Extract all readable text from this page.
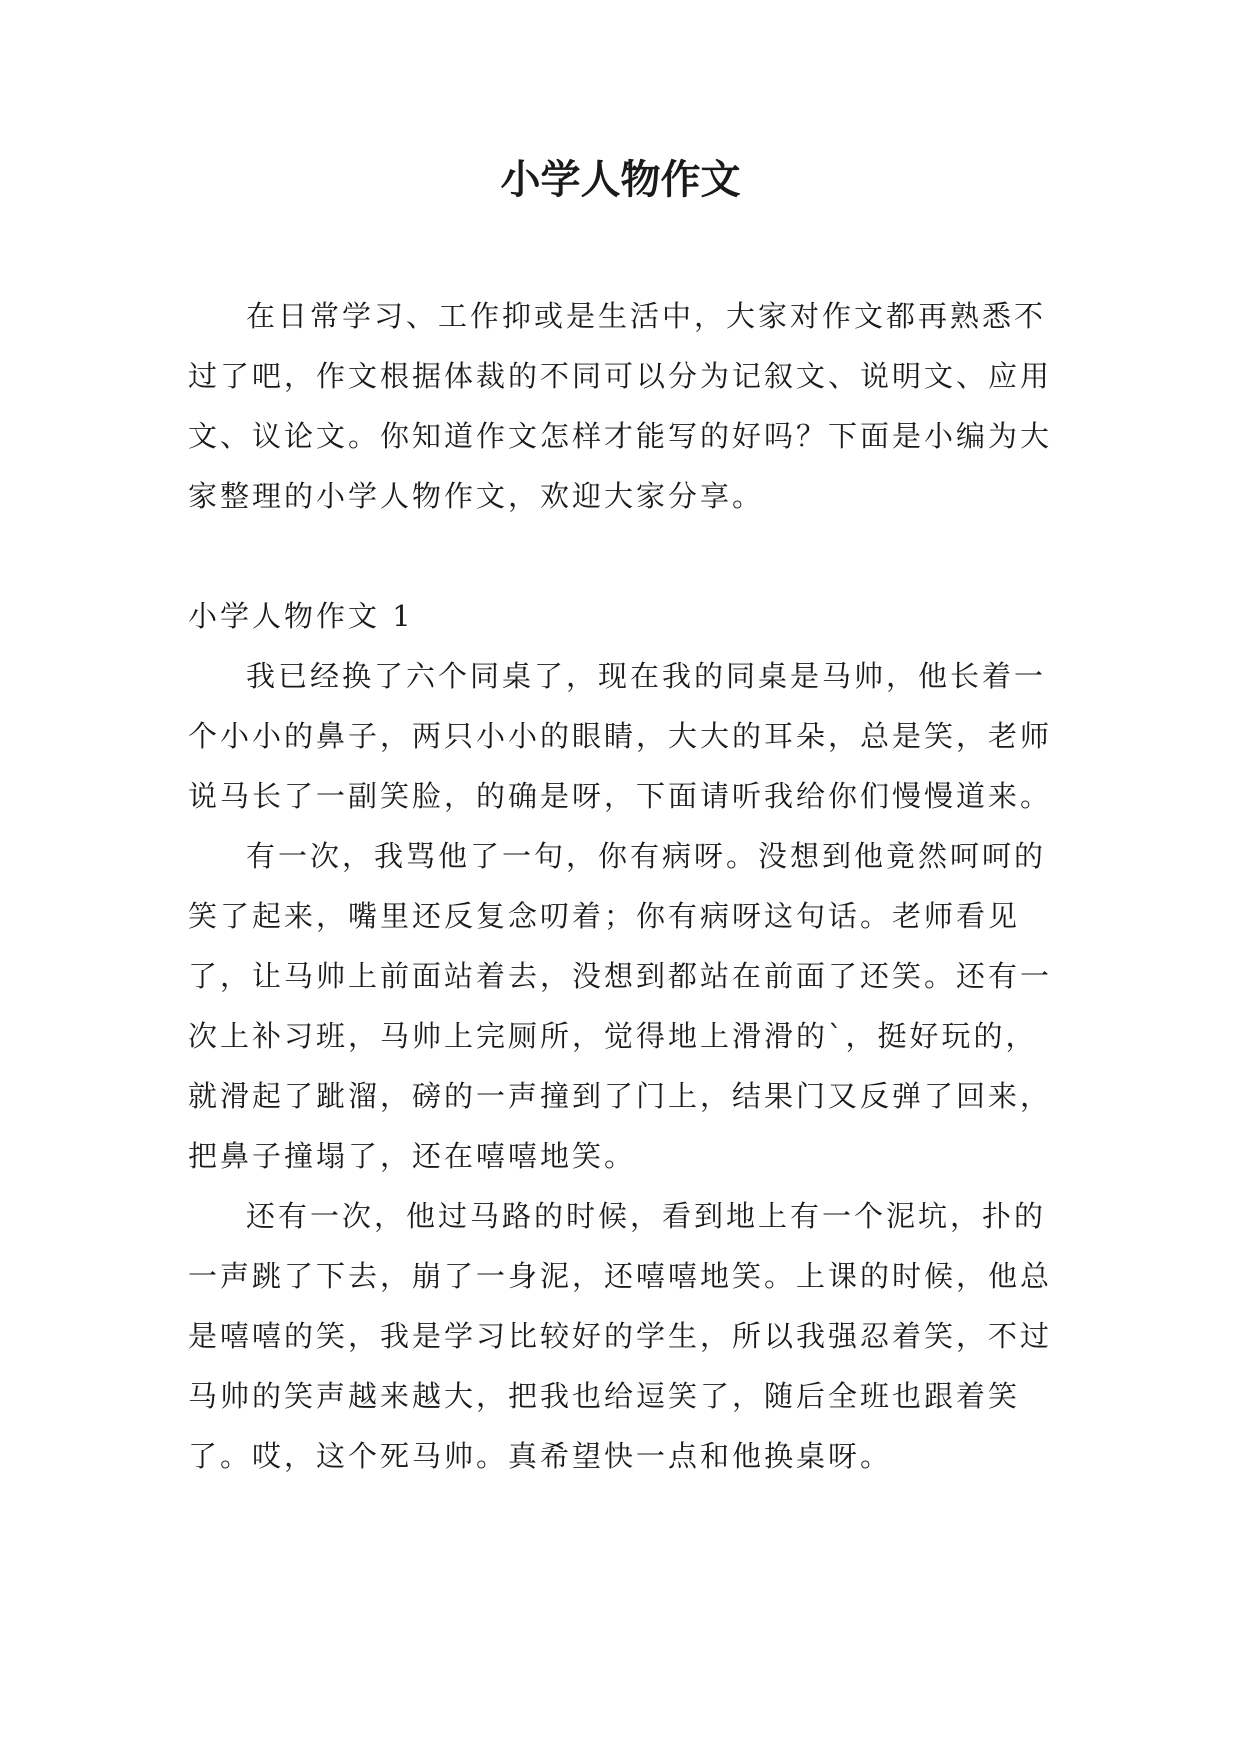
小学人物作文

在日常学习、工作抑或是生活中，大家对作文都再熟悉不过了吧，作文根据体裁的不同可以分为记叙文、说明文、应用文、议论文。你知道作文怎样才能写的好吗？下面是小编为大家整理的小学人物作文，欢迎大家分享。

小学人物作文 1

我已经换了六个同桌了，现在我的同桌是马帅，他长着一个小小的鼻子，两只小小的眼睛，大大的耳朵，总是笑，老师说马长了一副笑脸，的确是呀，下面请听我给你们慢慢道来。

有一次，我骂他了一句，你有病呀。没想到他竟然呵呵的笑了起来，嘴里还反复念叨着；你有病呀这句话。老师看见了，让马帅上前面站着去，没想到都站在前面了还笑。还有一次上补习班，马帅上完厕所，觉得地上滑滑的`，挺好玩的，就滑起了跐溜，磅的一声撞到了门上，结果门又反弹了回来，把鼻子撞塌了，还在嘻嘻地笑。

还有一次，他过马路的时候，看到地上有一个泥坑，扑的一声跳了下去，崩了一身泥，还嘻嘻地笑。上课的时候，他总是嘻嘻的笑，我是学习比较好的学生，所以我强忍着笑，不过马帅的笑声越来越大，把我也给逗笑了，随后全班也跟着笑了。哎，这个死马帅。真希望快一点和他换桌呀。
